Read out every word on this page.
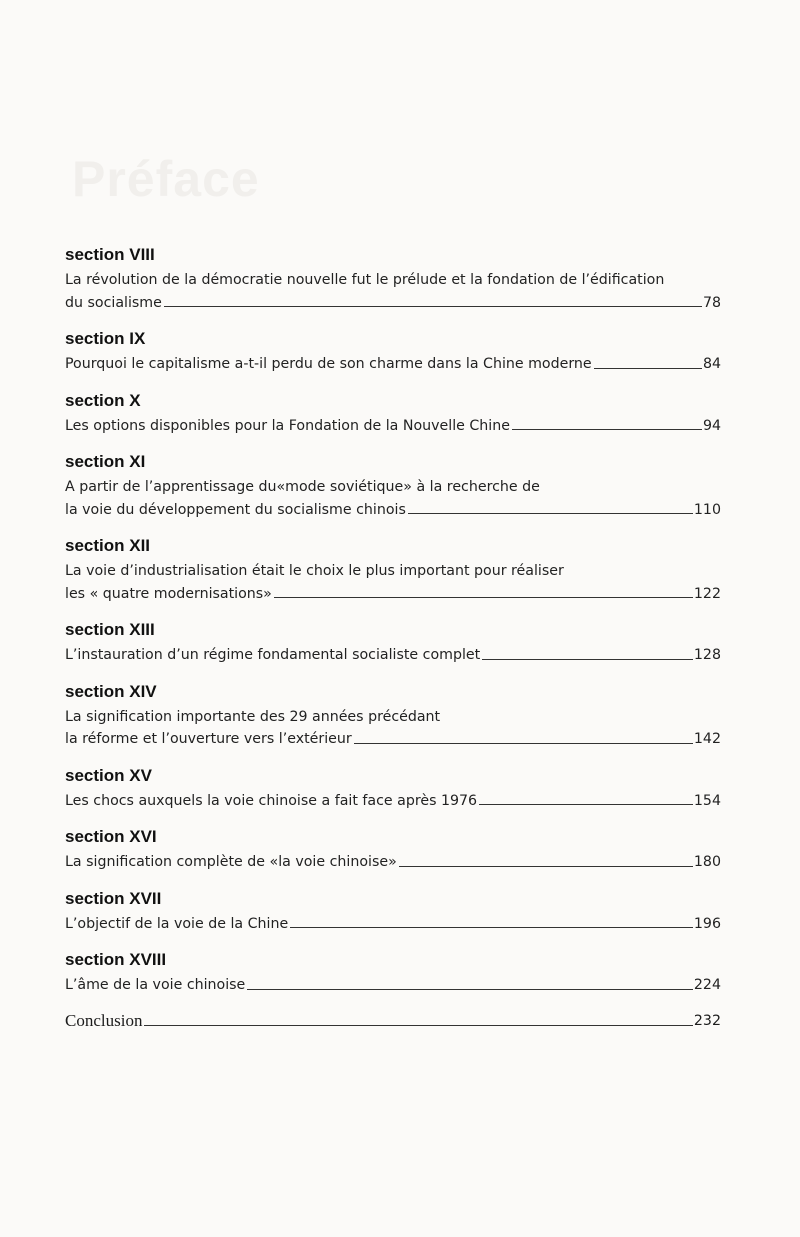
Préface
section VIII
La révolution de la démocratie nouvelle fut le prélude et la fondation de l’édification
du socialisme	78
section IX
Pourquoi le capitalisme a-t-il perdu de son charme dans la Chine moderne	84
section X
Les options disponibles pour la Fondation de la Nouvelle Chine	94
section XI
A partir de l’apprentissage du«mode soviétique» à la recherche de
la voie du développement du socialisme chinois	110
section XII
La voie d’industrialisation était le choix le plus important pour réaliser
les « quatre modernisations»	122
section XIII
L’instauration d’un régime fondamental socialiste complet	128
section XIV
La signification importante des 29 années précédant
la réforme et l’ouverture vers l’extérieur	142
section XV
Les chocs auxquels la voie chinoise a fait face après 1976	154
section XVI
La signification complète de «la voie chinoise»	180
section XVII
L’objectif de la voie de la Chine	196
section XVIII
L’âme de la voie chinoise	224
Conclusion	232
